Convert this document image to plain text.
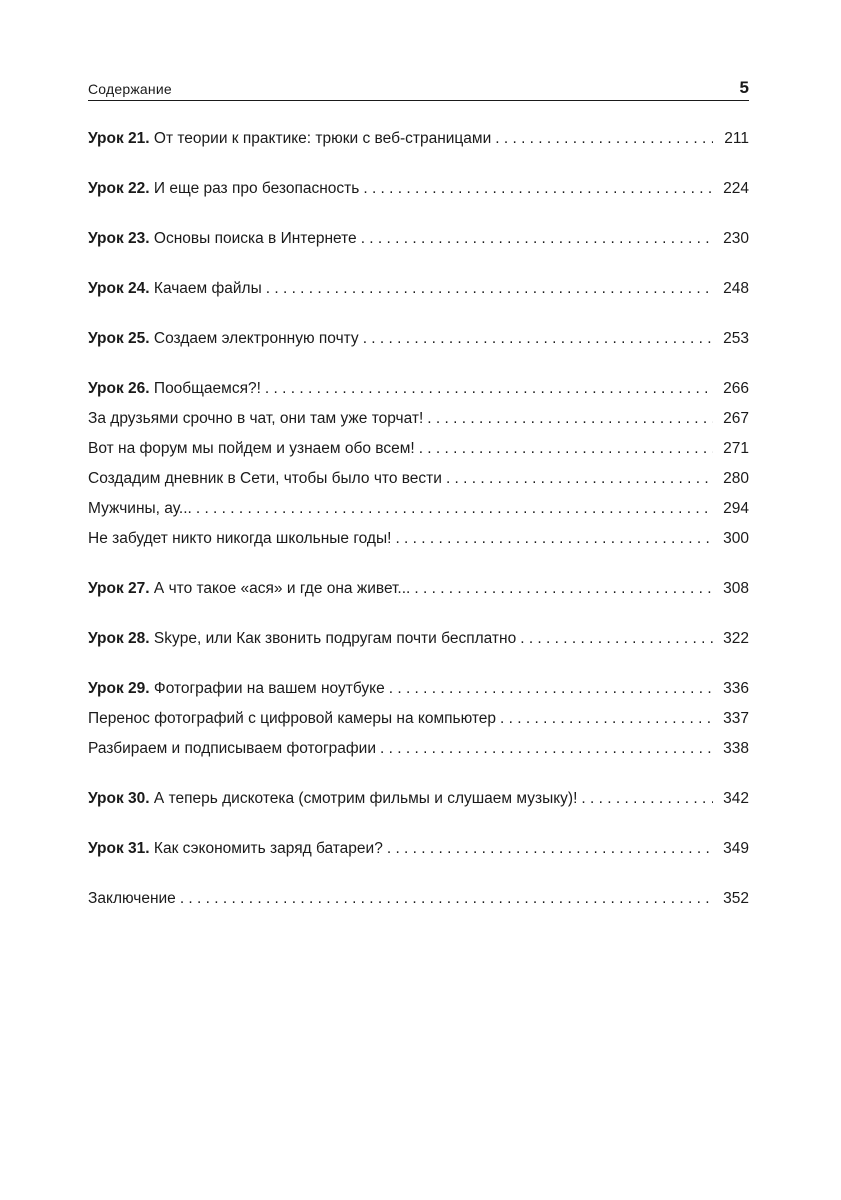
Содержание	5
Урок 21. От теории к практике: трюки с веб-страницами . . .	211
Урок 22. И еще раз про безопасность . . .	224
Урок 23. Основы поиска в Интернете . . .	230
Урок 24. Качаем файлы . . .	248
Урок 25. Создаем электронную почту . . .	253
Урок 26. Пообщаемся?! . . .	266
За друзьями срочно в чат, они там уже торчат! . . .	267
Вот на форум мы пойдем и узнаем обо всем! . . .	271
Создадим дневник в Сети, чтобы было что вести . . .	280
Мужчины, ау... . . .	294
Не забудет никто никогда школьные годы! . . .	300
Урок 27. А что такое «ася» и где она живет... . . .	308
Урок 28. Skype, или Как звонить подругам почти бесплатно . . .	322
Урок 29. Фотографии на вашем ноутбуке . . .	336
Перенос фотографий с цифровой камеры на компьютер . . .	337
Разбираем и подписываем фотографии . . .	338
Урок 30. А теперь дискотека (смотрим фильмы и слушаем музыку)! . . .	342
Урок 31. Как сэкономить заряд батареи? . . .	349
Заключение . . .	352
